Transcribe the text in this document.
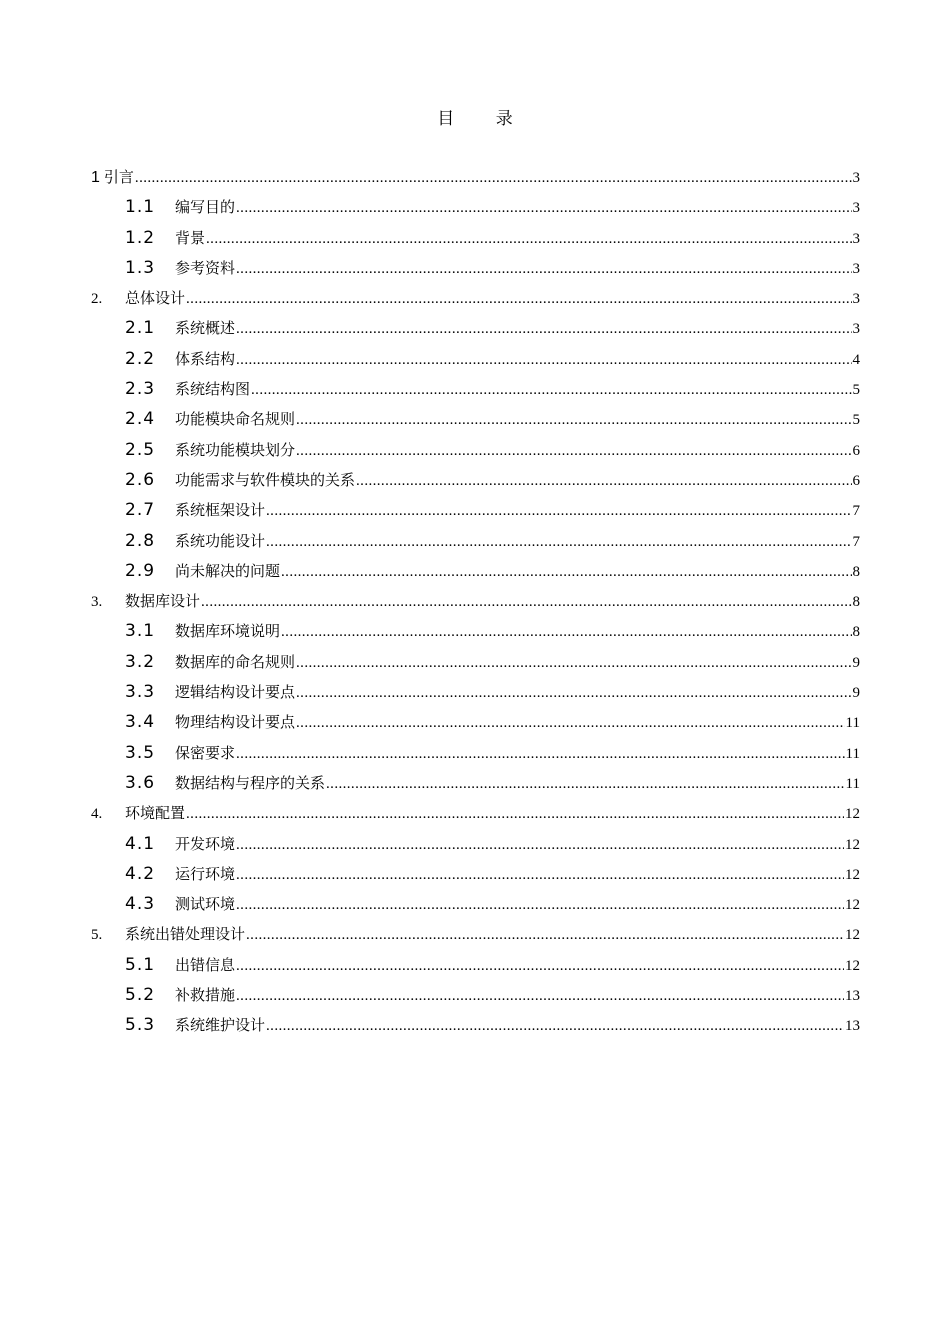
目 录
1 引言 .....	3
1.1	编写目的 .....	3
1.2	背景 .....	3
1.3	参考资料 .....	3
2.	总体设计 .....	3
2.1	系统概述 .....	3
2.2	体系结构 .....	4
2.3	系统结构图 .....	5
2.4	功能模块命名规则 .....	5
2.5	系统功能模块划分 .....	6
2.6	功能需求与软件模块的关系 .....	6
2.7	系统框架设计 .....	7
2.8	系统功能设计 .....	7
2.9	尚未解决的问题 .....	8
3.	数据库设计 .....	8
3.1	数据库环境说明 .....	8
3.2	数据库的命名规则 .....	9
3.3	逻辑结构设计要点 .....	9
3.4	物理结构设计要点 .....	11
3.5	保密要求 .....	11
3.6	数据结构与程序的关系 .....	11
4.	环境配置 .....	12
4.1	开发环境 .....	12
4.2	运行环境 .....	12
4.3	测试环境 .....	12
5.	系统出错处理设计 .....	12
5.1	出错信息 .....	12
5.2	补救措施 .....	13
5.3	系统维护设计 .....	13
